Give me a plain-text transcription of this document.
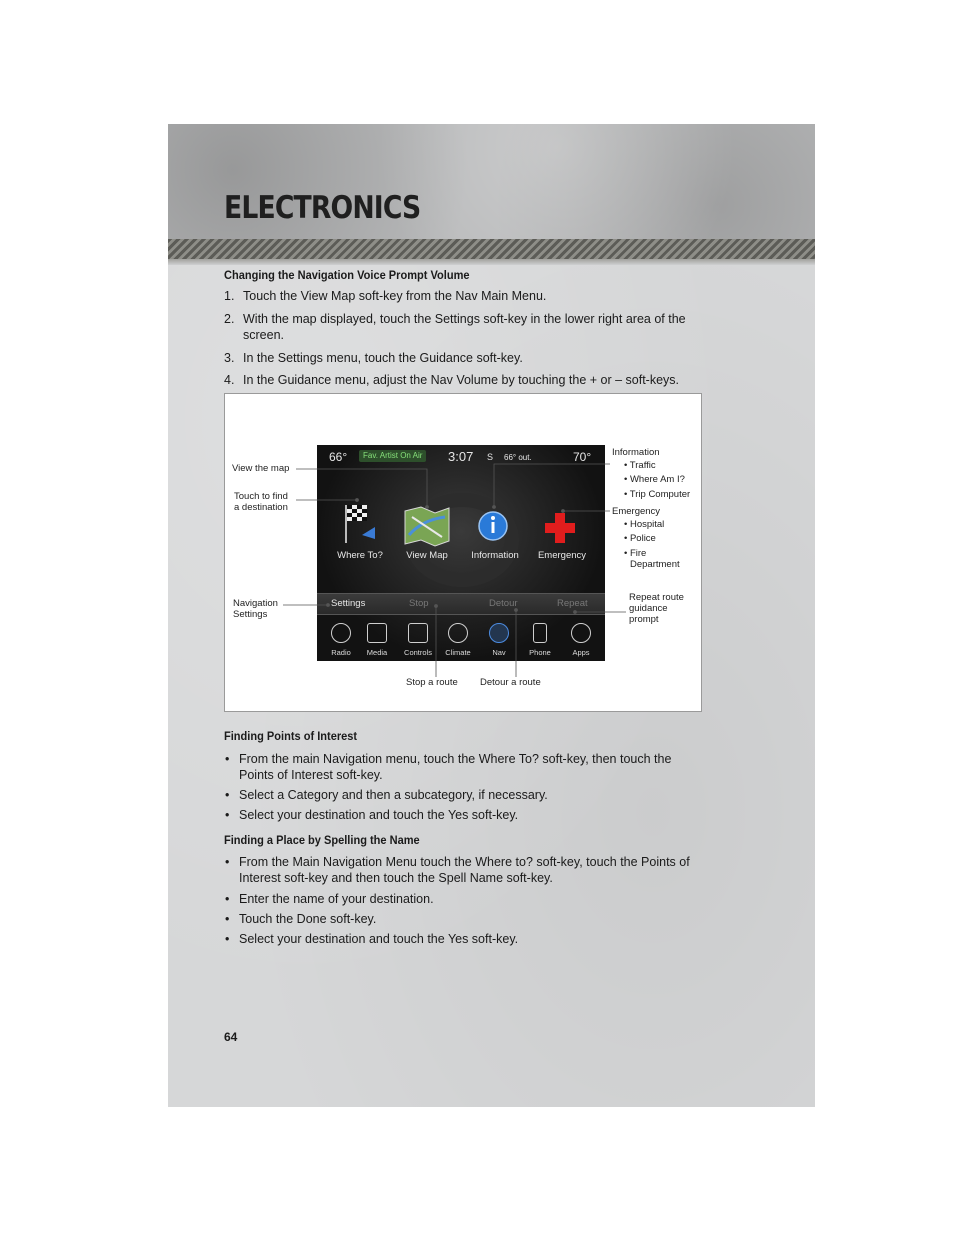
ELECTRONICS
Changing the Navigation Voice Prompt Volume
1. Touch the View Map soft-key from the Nav Main Menu.
2. With the map displayed, touch the Settings soft-key in the lower right area of the screen.
3. In the Settings menu, touch the Guidance soft-key.
4. In the Guidance menu, adjust the Nav Volume by touching the + or – soft-keys.
66°	Fav. Artist On Air	3:07 S 66° out.	70°
Where To?	View Map	Information	Emergency
Settings	Stop	Detour	Repeat
Radio	Media	Controls	Climate	Nav	Phone	Apps
View the map
Touch to find
a destination
Navigation
Settings
Information
• Traffic
• Where Am I?
• Trip Computer
Emergency
• Hospital
• Police
• Fire
Department
Repeat route
guidance
prompt
Stop a route Detour a route
Finding Points of Interest
• From the main Navigation menu, touch the Where To? soft-key, then touch the Points of Interest soft-key.
• Select a Category and then a subcategory, if necessary.
• Select your destination and touch the Yes soft-key.
Finding a Place by Spelling the Name
• From the Main Navigation Menu touch the Where to? soft-key, touch the Points of Interest soft-key and then touch the Spell Name soft-key.
• Enter the name of your destination.
• Touch the Done soft-key.
• Select your destination and touch the Yes soft-key.
64
